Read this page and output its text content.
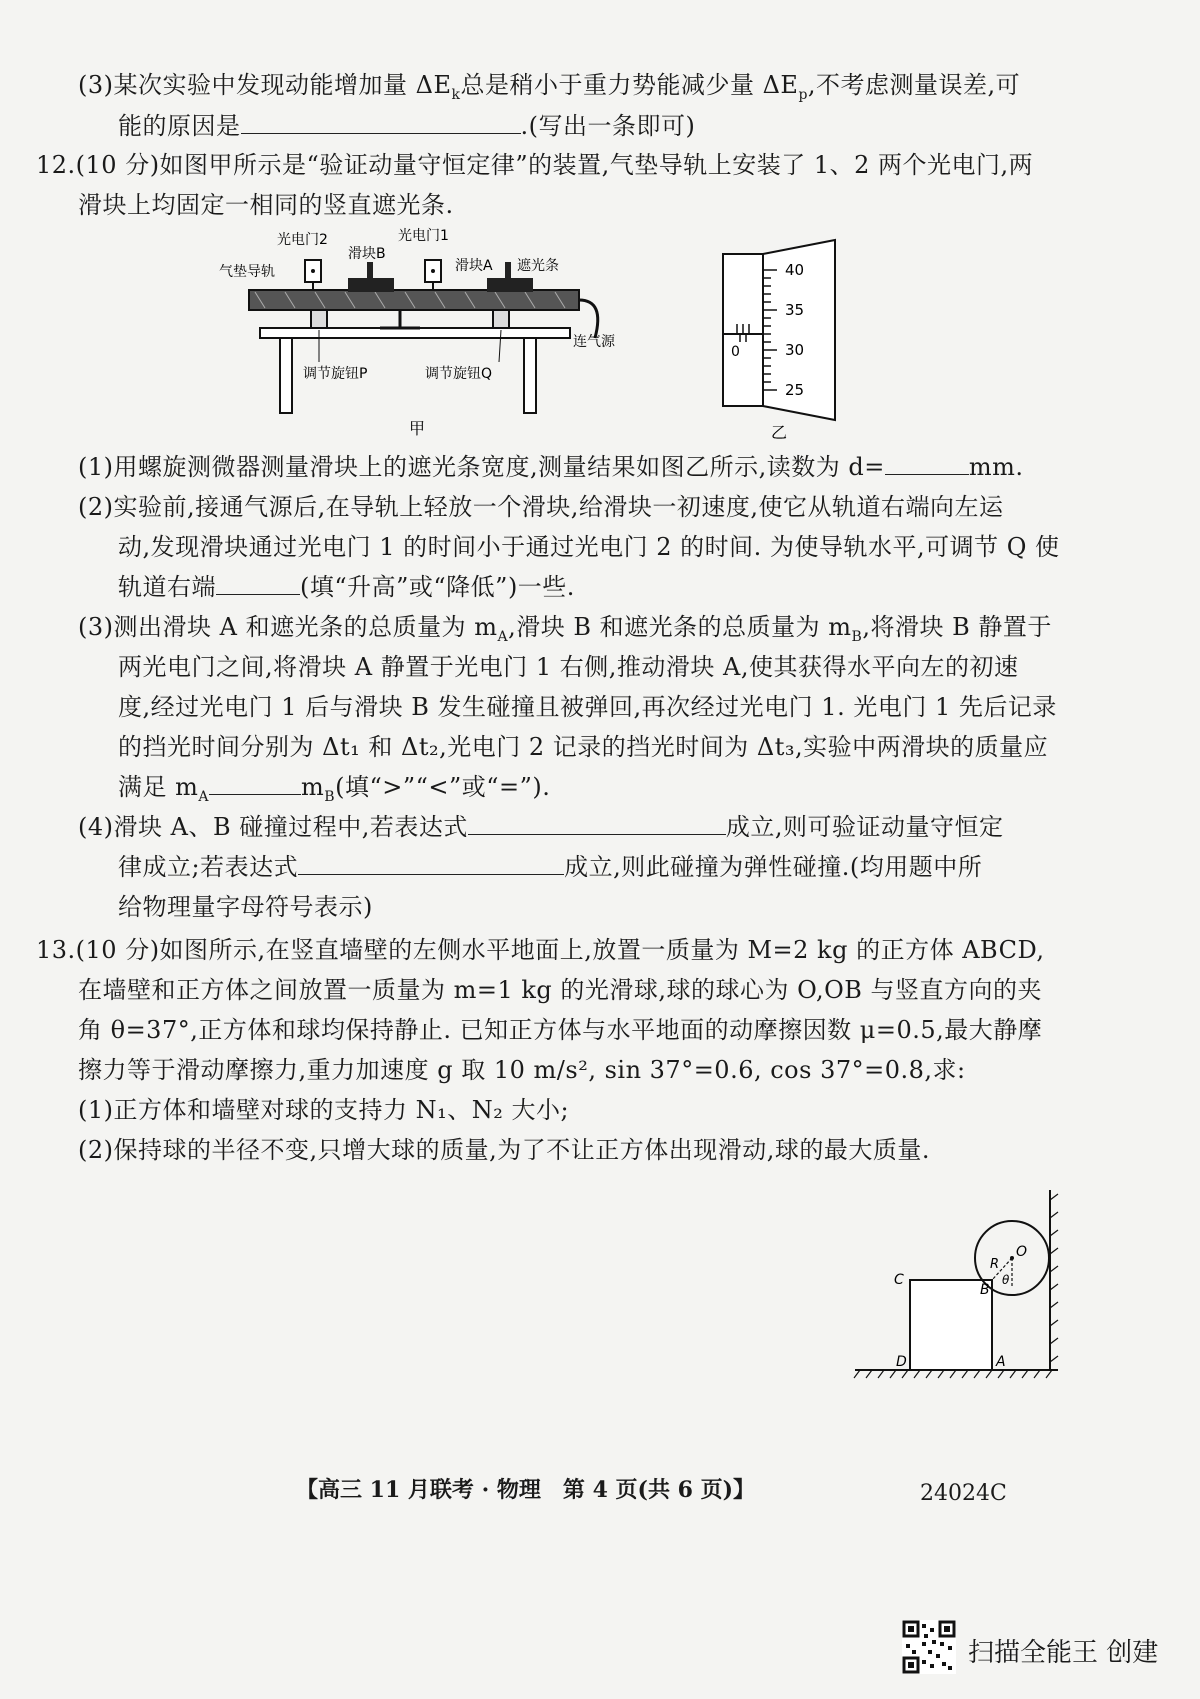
(3)某次实验中发现动能增加量 $\Delta E_k$总是稍小于重力势能减少量 $\Delta E_p$,不考虑测量误差,可
能的原因是	.(写出一条即可)
12.(10 分)如图甲所示是“验证动量守恒定律”的装置,气垫导轨上安装了 1、2 两个光电门,两
滑块上均固定一相同的竖直遮光条.
光电门2	光电门1
滑块B
滑块A 遮光条
气垫导轨
连气源
调节旋钮P	调节旋钮Q
甲
40
35
30
25
0
乙
(1)用螺旋测微器测量滑块上的遮光条宽度,测量结果如图乙所示,读数为 d=	mm.
(2)实验前,接通气源后,在导轨上轻放一个滑块,给滑块一初速度,使它从轨道右端向左运
动,发现滑块通过光电门 1 的时间小于通过光电门 2 的时间. 为使导轨水平,可调节 Q 使
轨道右端	(填“升高”或“降低”)一些.
(3)测出滑块 A 和遮光条的总质量为 $m_A$,滑块 B 和遮光条的总质量为 $m_B$,将滑块 B 静置于
两光电门之间,将滑块 A 静置于光电门 1 右侧,推动滑块 A,使其获得水平向左的初速
度,经过光电门 1 后与滑块 B 发生碰撞且被弹回,再次经过光电门 1. 光电门 1 先后记录
的挡光时间分别为 Δt₁ 和 Δt₂,光电门 2 记录的挡光时间为 Δt₃,实验中两滑块的质量应
满足 $m_A$	$m_B$(填“>”“<”或“=”).
(4)滑块 A、B 碰撞过程中,若表达式	成立,则可验证动量守恒定
律成立;若表达式	成立,则此碰撞为弹性碰撞.(均用题中所
给物理量字母符号表示)
13.(10 分)如图所示,在竖直墙壁的左侧水平地面上,放置一质量为 M=2 kg 的正方体 ABCD,
在墙壁和正方体之间放置一质量为 m=1 kg 的光滑球,球的球心为 O,OB 与竖直方向的夹
角 θ=37°,正方体和球均保持静止. 已知正方体与水平地面的动摩擦因数 μ=0.5,最大静摩
擦力等于滑动摩擦力,重力加速度 g 取 10 m/s², sin 37°=0.6, cos 37°=0.8,求:
(1)正方体和墙壁对球的支持力 N₁、N₂ 大小;
(2)保持球的半径不变,只增大球的质量,为了不让正方体出现滑动,球的最大质量.
O
R
θ
B
C
D	A
【高三 11 月联考 · 物理　第 4 页(共 6 页)】	24024C
扫描全能王 创建
